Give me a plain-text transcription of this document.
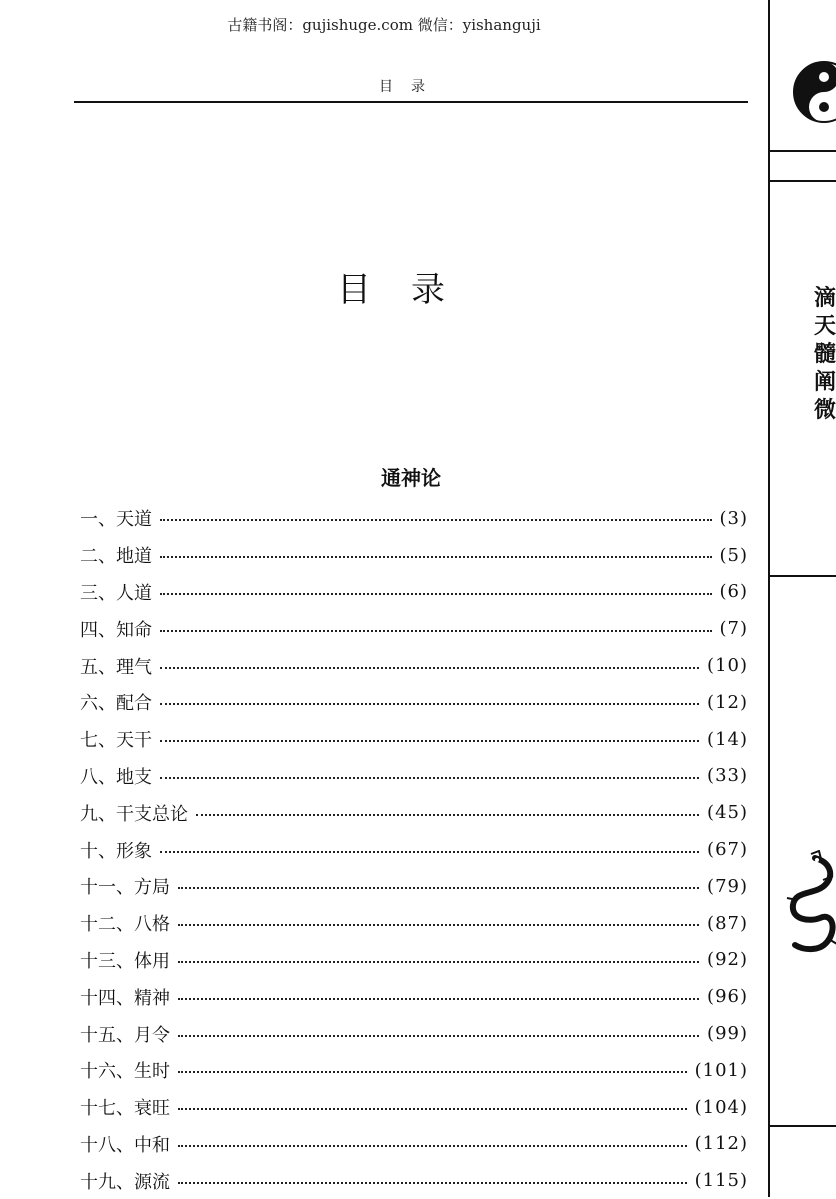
古籍书阁：gujishuge.com 微信：yishanguji
目录
目录
通神论
一、天道	(3)
二、地道	(5)
三、人道	(6)
四、知命	(7)
五、理气	(10)
六、配合	(12)
七、天干	(14)
八、地支	(33)
九、干支总论	(45)
十、形象	(67)
十一、方局	(79)
十二、八格	(87)
十三、体用	(92)
十四、精神	(96)
十五、月令	(99)
十六、生时	(101)
十七、衰旺	(104)
十八、中和	(112)
十九、源流	(115)
滴
天
髓
阐
微
